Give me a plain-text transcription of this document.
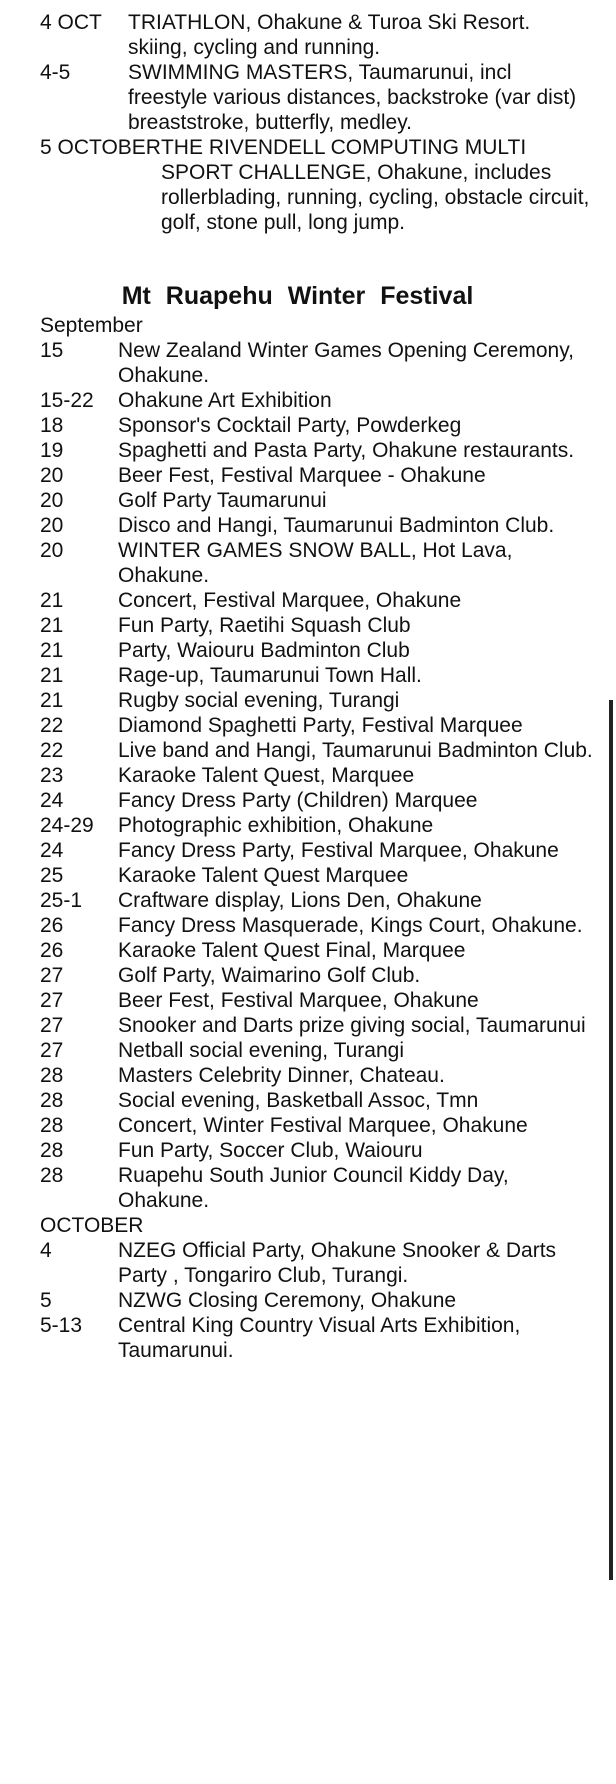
4 OCT	TRIATHLON, Ohakune & Turoa Ski Resort. skiing, cycling and running.
4-5	SWIMMING MASTERS, Taumarunui, incl freestyle various distances, backstroke (var dist) breaststroke, butterfly, medley.
5 OCTOBER THE RIVENDELL COMPUTING MULTI SPORT CHALLENGE, Ohakune, includes rollerblading, running, cycling, obstacle circuit, golf, stone pull, long jump.
Mt Ruapehu Winter Festival
September
15	New Zealand Winter Games Opening Ceremony, Ohakune.
15-22	Ohakune Art Exhibition
18	Sponsor's Cocktail Party, Powderkeg
19	Spaghetti and Pasta Party, Ohakune restaurants.
20	Beer Fest, Festival Marquee - Ohakune
20	Golf Party Taumarunui
20	Disco and Hangi, Taumarunui Badminton Club.
20	WINTER GAMES SNOW BALL, Hot Lava, Ohakune.
21	Concert, Festival Marquee, Ohakune
21	Fun Party, Raetihi Squash Club
21	Party, Waiouru Badminton Club
21	Rage-up, Taumarunui Town Hall.
21	Rugby social evening, Turangi
22	Diamond Spaghetti Party, Festival Marquee
22	Live band and Hangi, Taumarunui Badminton Club.
23	Karaoke Talent Quest, Marquee
24	Fancy Dress Party (Children) Marquee
24-29	Photographic exhibition, Ohakune
24	Fancy Dress Party, Festival Marquee, Ohakune
25	Karaoke Talent Quest Marquee
25-1	Craftware display, Lions Den, Ohakune
26	Fancy Dress Masquerade, Kings Court, Ohakune.
26	Karaoke Talent Quest Final, Marquee
27	Golf Party, Waimarino Golf Club.
27	Beer Fest, Festival Marquee, Ohakune
27	Snooker and Darts prize giving social, Taumarunui
27	Netball social evening, Turangi
28	Masters Celebrity Dinner, Chateau.
28	Social evening, Basketball Assoc, Tmn
28	Concert, Winter Festival Marquee, Ohakune
28	Fun Party, Soccer Club, Waiouru
28	Ruapehu South Junior Council Kiddy Day, Ohakune.
OCTOBER
4	NZEG Official Party, Ohakune Snooker & Darts Party , Tongariro Club, Turangi.
5	NZWG Closing Ceremony, Ohakune
5-13	Central King Country Visual Arts Exhibition, Taumarunui.
